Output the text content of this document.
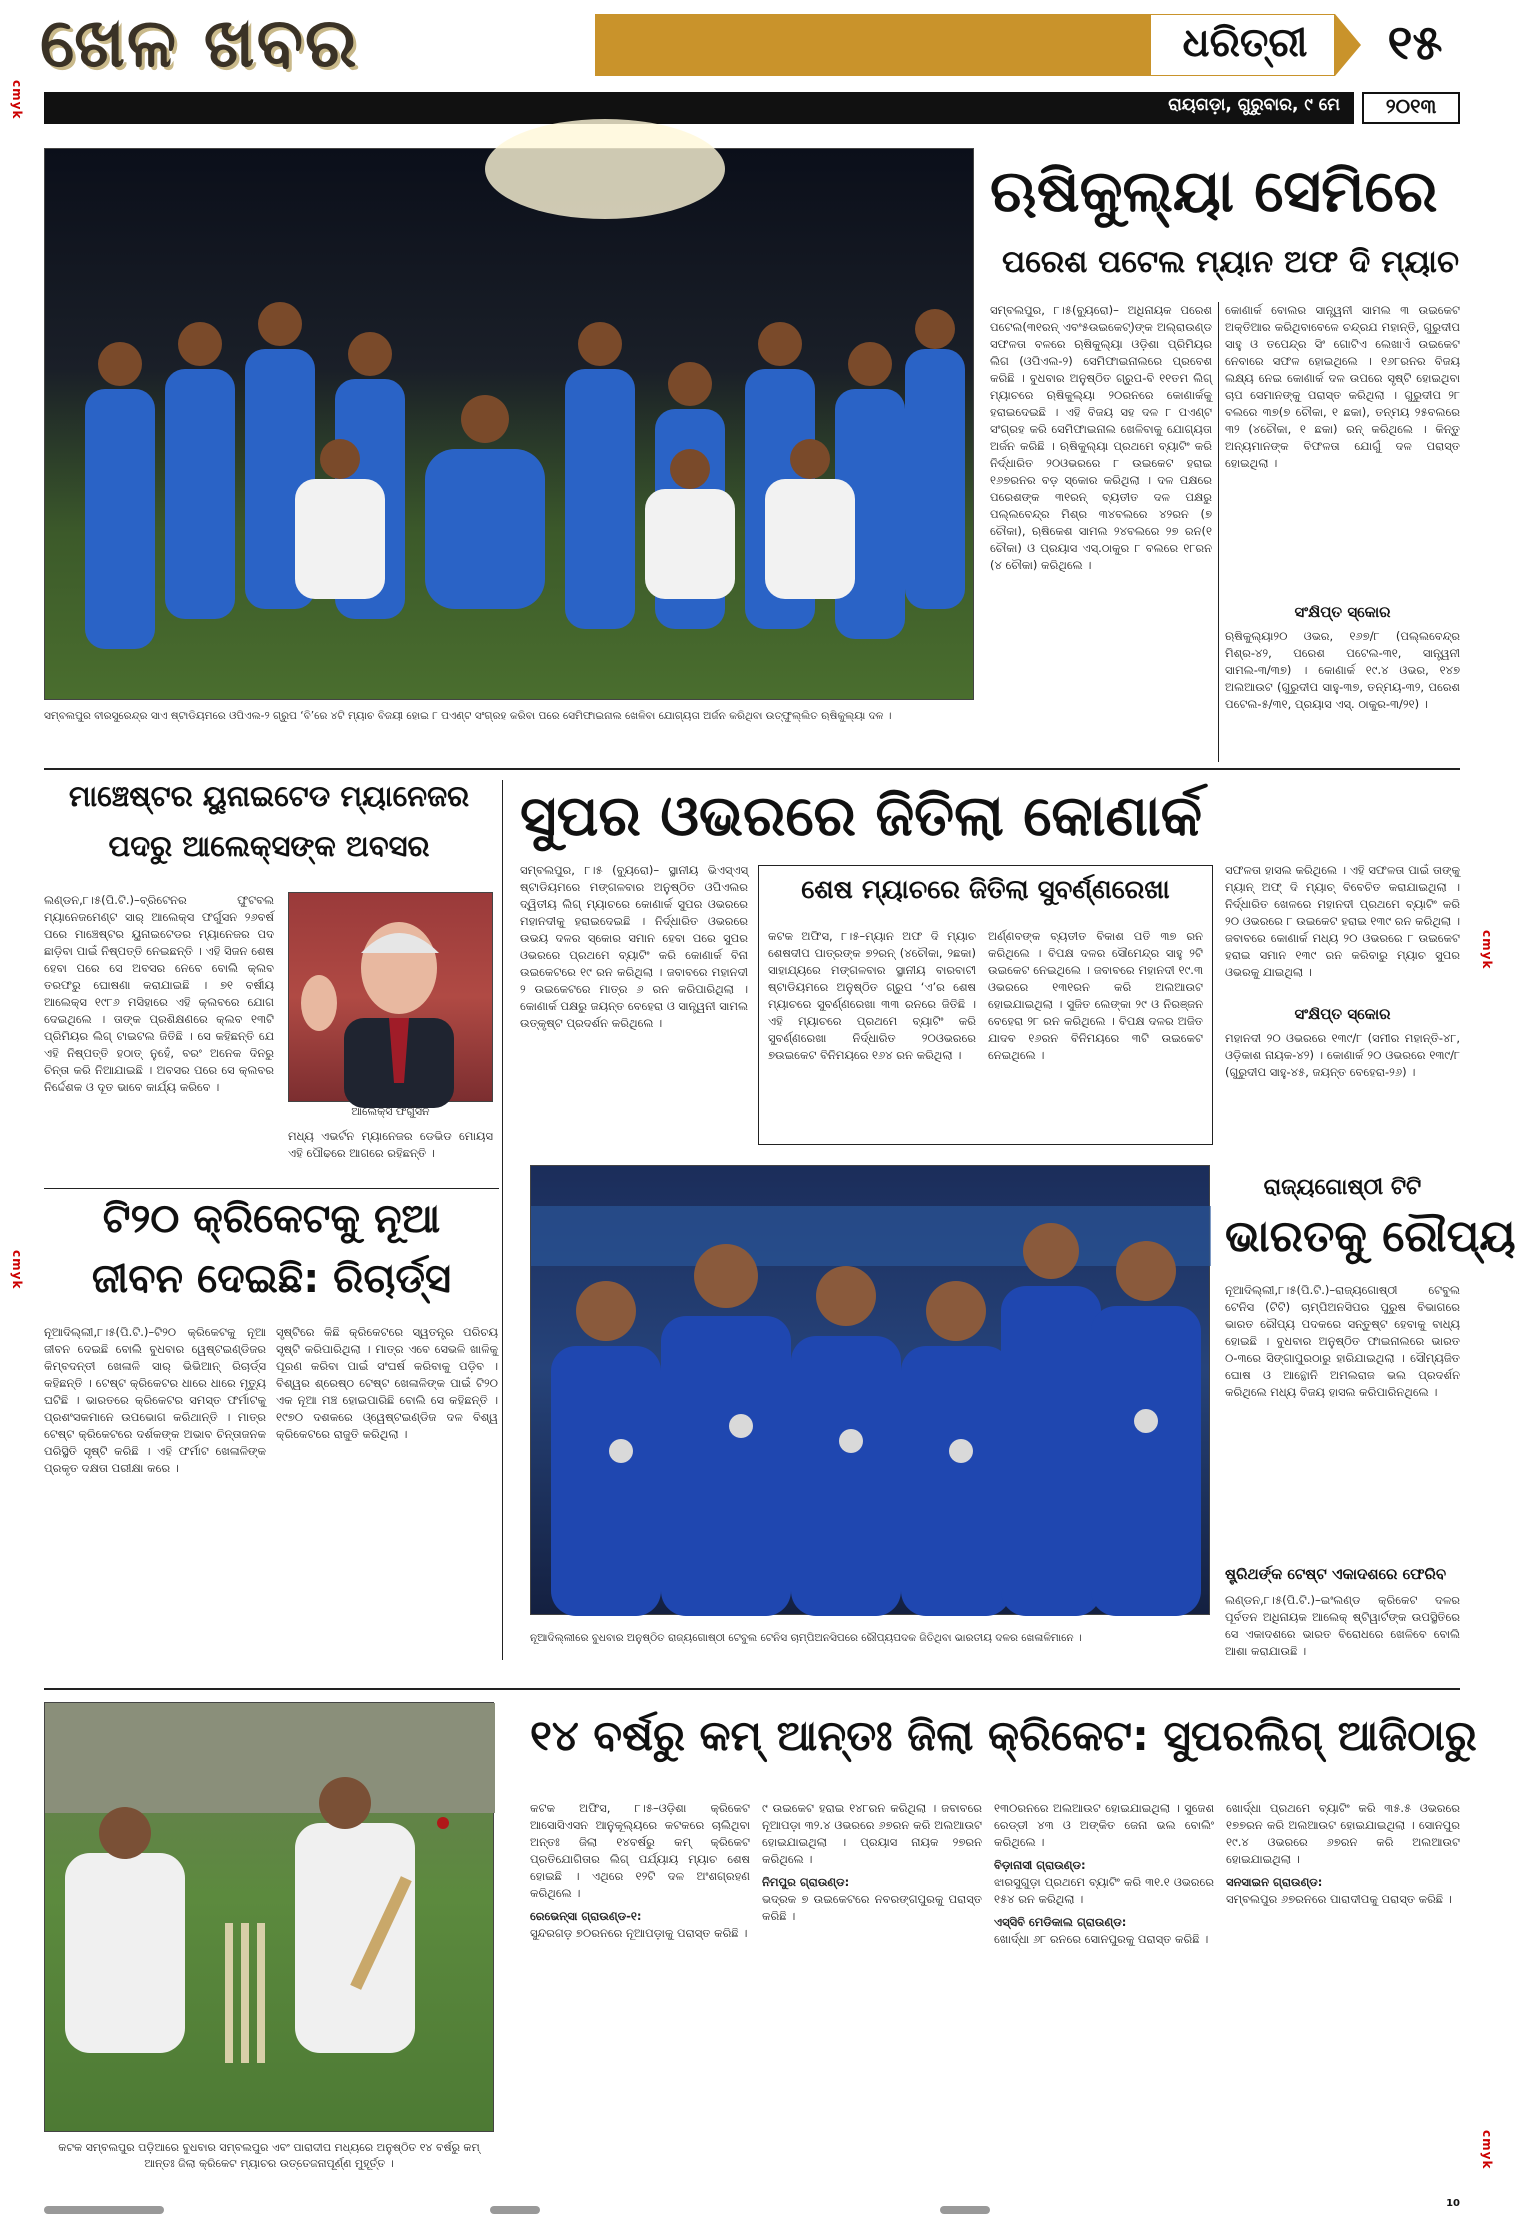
ଖେଳ ଖବର	ଧରିତ୍ରୀ	୧୫
ରାୟଗଡ଼ା, ଗୁରୁବାର, ୯ ମେ	୨୦୧୩
cmyk
cmyk
cmyk
cmyk
ସମ୍ବଲପୁର ବୀରସୁରେନ୍ଦ୍ର ସାଏ ଷ୍ଟାଡିୟମରେ ଓପିଏଲ-୨ ଗ୍ରୁପ ‘ବି’ରେ ୪ଟି ମ୍ୟାଚ ବିଜୟୀ ହୋଇ ୮ ପଏଣ୍ଟ ସଂଗ୍ରହ କରିବା ପରେ ସେମିଫାଇନାଲ ଖେଳିବା ଯୋଗ୍ୟତା ଅର୍ଜନ କରିଥିବା ଉତ୍ଫୁଲ୍ଲିତ ଋଷିକୁଲ୍ୟା ଦଳ ।
ଋଷିକୁଲ୍ୟା ସେମିରେ
ପରେଶ ପଟେଲ ମ୍ୟାନ ଅଫ ଦି ମ୍ୟାଚ
ସମ୍ବଲପୁର, ୮।୫(ବ୍ୟୁରୋ)– ଅଧିନାୟକ ପରେଶ ପଟେଲ(୩୧ରନ୍ ଏବଂ୫ଉଇକେଟ୍)ଙ୍କ ଅଲ୍‌ରାଉଣ୍ଡ ସଫଳତା ବଳରେ ଋଷିକୁଲ୍ୟା ଓଡ଼ିଶା ପ୍ରିମିୟର ଲିଗ (ଓପିଏଲ-୨) ସେମିଫାଇନାଲରେ ପ୍ରବେଶ କରିଛି । ବୁଧବାର ଅନୁଷ୍ଠିତ ଗ୍ରୁପ-ବି ୧୧ତମ ଲିଗ୍ ମ୍ୟାଚରେ ଋଷିକୁଲ୍ୟା ୨୦ରନରେ କୋଣାର୍କକୁ ହରାଇଦେଇଛି । ଏହି ବିଜୟ ସହ ଦଳ ୮ ପଏଣ୍ଟ ସଂଗ୍ରହ କରି ସେମିଫାଇନାଲ ଖେଳିବାକୁ ଯୋଗ୍ୟତା ଅର୍ଜନ କରିଛି । ଋଷିକୁଲ୍ୟା ପ୍ରଥମେ ବ୍ୟାଟିଂ କରି ନିର୍ଦ୍ଧାରିତ ୨୦ଓଭରରେ ୮ ଉଇକେଟ ହରାଇ ୧୬୭ରନର ବଡ଼ ସ୍କୋର କରିଥିଲା । ଦଳ ପକ୍ଷରେ ପରେଶଙ୍କ ୩୧ରନ୍ ବ୍ୟତୀତ ଦଳ ପକ୍ଷରୁ ପଲ୍ଲବେନ୍ଦ୍ର ମିଶ୍ର ୩୪ବଲରେ ୪୨ରନ (୭ ଚୌକା), ଋଷିକେଶ ସାମଲ ୨୪ବଲରେ ୨୭ ରନ(୧ ଚୌକା) ଓ ପ୍ରୟାସ ଏସ୍.ଠାକୁର ୮ ବଲରେ ୧୮ରନ (୪ ଚୌକା) କରିଥିଲେ ।
କୋଣାର୍କ ବୋଲର ସାନ୍ତ୍ୱନୀ ସାମଲ ୩ ଉଇକେଟ ଅକ୍ତିଆର କରିଥିବାବେଳେ ଚନ୍ଦ୍ରଯ ମହାନ୍ତି, ଗୁରୁଦୀପ ସାହୁ ଓ ତପେନ୍ଦ୍ର ସିଂ ଗୋଟିଏ ଲେଖାଏଁ ଉଇକେଟ ନେବାରେ ସଫଳ ହୋଇଥିଲେ । ୧୬୮ରନର ବିଜୟ ଲକ୍ଷ୍ୟ ନେଇ କୋଣାର୍କ ଦଳ ଉପରେ ସୃଷ୍ଟି ହୋଇଥିବା ଚାପ ସେମାନଙ୍କୁ ପରାସ୍ତ କରିଥିଲା । ଗୁରୁଦୀପ ୨୮ ବଲରେ ୩୭(୭ ଚୌକା, ୧ ଛକା), ତନ୍ମୟ ୨୫ବଲରେ ୩୨ (୪ଚୌକା, ୧ ଛକା) ରନ୍ କରିଥିଲେ । କିନ୍ତୁ ଅନ୍ୟମାନଙ୍କ ବିଫଳତା ଯୋଗୁଁ ଦଳ ପରାସ୍ତ ହୋଇଥିଲା ।
ସଂକ୍ଷିପ୍ତ ସ୍କୋର
ଋଷିକୁଲ୍ୟା୨୦ ଓଭର, ୧୬୭/୮ (ପଲ୍ଲବେନ୍ଦ୍ର ମିଶ୍ର-୪୨, ପରେଶ ପଟେଲ-୩୧, ସାନ୍ତ୍ୱନୀ ସାମଲ-୩/୩୭) । କୋଣାର୍କ ୧୯.୪ ଓଭର, ୧୪୭ ଅଲଆଉଟ (ଗୁରୁଦୀପ ସାହୁ-୩୭, ତନ୍ମୟ-୩୨, ପରେଶ ପଟେଲ-୫/୩୧, ପ୍ରୟାସ ଏସ୍. ଠାକୁର-୩/୨୧) ।
ମାଞ୍ଚେଷ୍ଟର ୟୁନାଇଟେଡ ମ୍ୟାନେଜର
ପଦରୁ ଆଲେକ୍ସଙ୍କ ଅବସର
ଲଣ୍ଡନ,୮।୫(ପି.ଟି.)–ବ୍ରିଟେନର ଫୁଟବଲ ମ୍ୟାନେଜମେଣ୍ଟ ସାର୍ ଆଲେକ୍ସ ଫର୍ଗୁସନ ୨୬ବର୍ଷ ପରେ ମାଞ୍ଚେଷ୍ଟର ୟୁନାଇଟେଡର ମ୍ୟାନେଜର ପଦ ଛାଡ଼ିବା ପାଇଁ ନିଷ୍ପତ୍ତି ନେଇଛନ୍ତି । ଏହି ସିଜନ ଶେଷ ହେବା ପରେ ସେ ଅବସର ନେବେ ବୋଲି କ୍ଲବ ତରଫରୁ ଘୋଷଣା କରାଯାଇଛି । ୭୧ ବର୍ଷୀୟ ଆଲେକ୍ସ ୧୯୮୬ ମସିହାରେ ଏହି କ୍ଲବରେ ଯୋଗ ଦେଇଥିଲେ । ତାଙ୍କ ପ୍ରଶିକ୍ଷଣରେ କ୍ଲବ ୧୩ଟି ପ୍ରିମିୟର ଲିଗ୍ ଟାଇଟଲ ଜିତିଛି । ସେ କହିଛନ୍ତି ଯେ ଏହି ନିଷ୍ପତ୍ତି ହଠାତ୍ ନୁହେଁ, ବରଂ ଅନେକ ଦିନରୁ ଚିନ୍ତା କରି ନିଆଯାଇଛି । ଅବସର ପରେ ସେ କ୍ଲବର ନିର୍ଦ୍ଦେଶକ ଓ ଦୂତ ଭାବେ କାର୍ଯ୍ୟ କରିବେ ।
ଆଲେକ୍ସ ଫର୍ଗୁସନ
ମଧ୍ୟ ଏଭର୍ଟନ ମ୍ୟାନେଜର ଡେଭିଡ ମୋୟସ ଏହି ପୌଢରେ ଆଗରେ ରହିଛନ୍ତି ।
ସୁପର ଓଭରରେ ଜିତିଲା କୋଣାର୍କ
ସମ୍ବଲପୁର, ୮।୫ (ବ୍ୟୁରୋ)– ସ୍ଥାନୀୟ ଭିଏସ୍‌ଏସ୍ ଷ୍ଟାଡିୟମରେ ମଙ୍ଗଳବାର ଅନୁଷ୍ଠିତ ଓପିଏଲର ଦ୍ୱିତୀୟ ଲିଗ୍ ମ୍ୟାଚରେ କୋଣାର୍କ ସୁପର ଓଭରରେ ମହାନଦୀକୁ ହରାଇଦେଇଛି । ନିର୍ଦ୍ଧାରିତ ଓଭରରେ ଉଭୟ ଦଳର ସ୍କୋର ସମାନ ହେବା ପରେ ସୁପର ଓଭରରେ ପ୍ରଥମେ ବ୍ୟାଟିଂ କରି କୋଣାର୍କ ବିନା ଉଇକେଟରେ ୧୯ ରନ କରିଥିଲା । ଜବାବରେ ମହାନଦୀ ୨ ଉଇକେଟରେ ମାତ୍ର ୬ ରନ କରିପାରିଥିଲା । କୋଣାର୍କ ପକ୍ଷରୁ ଜୟନ୍ତ ବେହେରା ଓ ସାନ୍ତ୍ୱନୀ ସାମଲ ଉତ୍କୃଷ୍ଟ ପ୍ରଦର୍ଶନ କରିଥିଲେ ।
ଶେଷ ମ୍ୟାଚରେ ଜିତିଲା ସୁବର୍ଣ୍ଣରେଖା
କଟକ ଅଫିସ, ୮।୫–ମ୍ୟାନ ଅଫ ଦି ମ୍ୟାଚ ଶେଷଦୀପ ପାତ୍ରଙ୍କ ୭୨ରନ୍ (୪ଚୌକା, ୨ଛକା) ସାହାଯ୍ୟରେ ମଙ୍ଗଳବାର ସ୍ଥାନୀୟ ବାରବାଟୀ ଷ୍ଟାଡିୟମରେ ଅନୁଷ୍ଠିତ ଗ୍ରୁପ ‘ଏ’ର ଶେଷ ମ୍ୟାଚରେ ସୁବର୍ଣ୍ଣରେଖା ୩୩ ରନରେ ଜିତିଛି । ଏହି ମ୍ୟାଚରେ ପ୍ରଥମେ ବ୍ୟାଟିଂ କରି ସୁବର୍ଣ୍ଣରେଖା ନିର୍ଦ୍ଧାରିତ ୨୦ଓଭରରେ ୭ଉଇକେଟ ବିନିମୟରେ ୧୬୪ ରନ କରିଥିଲା ।
ଅର୍ଣ୍ଣବଙ୍କ ବ୍ୟତୀତ ବିକାଶ ପତି ୩୭ ରନ କରିଥିଲେ । ବିପକ୍ଷ ଦଳର ସୌମେନ୍ଦ୍ର ସାହୁ ୨ଟି ଉଇକେଟ ନେଇଥିଲେ । ଜବାବରେ ମହାନଦୀ ୧୯.୩ ଓଭରରେ ୧୩୧ରନ କରି ଅଲଆଉଟ ହୋଇଯାଇଥିଲା । ସୁଜିତ ଲେଙ୍କା ୨୯ ଓ ନିରଞ୍ଜନ ବେହେରା ୨୮ ରନ କରିଥିଲେ । ବିପକ୍ଷ ଦଳର ଅଜିତ ଯାଦବ ୧୬ରନ ବିନିମୟରେ ୩ଟି ଉଇକେଟ ନେଇଥିଲେ ।
ସଫଳତା ହାସଲ କରିଥିଲେ । ଏହି ସଫଳତା ପାଇଁ ତାଙ୍କୁ ମ୍ୟାନ୍ ଅଫ୍ ଦି ମ୍ୟାଚ୍ ବିବେଚିତ କରାଯାଇଥିଲା । ନିର୍ଦ୍ଧାରିତ ଖେଳରେ ମହାନଦୀ ପ୍ରଥମେ ବ୍ୟାଟିଂ କରି ୨୦ ଓଭରରେ ୮ ଉଇକେଟ ହରାଇ ୧୩୯ ରନ କରିଥିଲା । ଜବାବରେ କୋଣାର୍କ ମଧ୍ୟ ୨୦ ଓଭରରେ ୮ ଉଇକେଟ ହରାଇ ସମାନ ୧୩୯ ରନ କରିବାରୁ ମ୍ୟାଚ ସୁପର ଓଭରକୁ ଯାଇଥିଲା ।
ସଂକ୍ଷିପ୍ତ ସ୍କୋର
ମହାନଦୀ ୨୦ ଓଭରରେ ୧୩୯/୮ (ସମୀର ମହାନ୍ତି-୪୮, ଓଡ଼ିକାଶ ନାୟକ-୪୨) । କୋଣାର୍କ ୨୦ ଓଭରରେ ୧୩୯/୮ (ଗୁରୁଦୀପ ସାହୁ-୪୫, ଜୟନ୍ତ ବେହେରା-୨୬) ।
ଟି୨୦ କ୍ରିକେଟକୁ ନୂଆ
ଜୀବନ ଦେଇଛି: ରିଚାର୍ଡ୍ସ
ନୂଆଦିଲ୍ଲୀ,୮।୫(ପି.ଟି.)–ଟି୨୦ କ୍ରିକେଟକୁ ନୂଆ ଜୀବନ ଦେଇଛି ବୋଲି ବୁଧବାର ୱେଷ୍ଟଇଣ୍ଡିଜର କିମ୍ବଦନ୍ତୀ ଖେଳାଳି ସାର୍ ଭିଭିଆନ୍ ରିଚାର୍ଡ୍ସ କହିଛନ୍ତି । ଟେଷ୍ଟ କ୍ରିକେଟର ଧାରେ ଧାରେ ମୃତ୍ୟୁ ଘଟିଛି । ଭାରତରେ କ୍ରିକେଟର ସମସ୍ତ ଫର୍ମାଟକୁ ପ୍ରଶଂସକମାନେ ଉପଭୋଗ କରିଥାନ୍ତି । ମାତ୍ର ଟେଷ୍ଟ କ୍ରିକେଟରେ ଦର୍ଶକଙ୍କ ଅଭାବ ଚିନ୍ତାଜନକ ପରିସ୍ଥିତି ସୃଷ୍ଟି କରିଛି । ଏହି ଫର୍ମାଟ ଖେଳାଳିଙ୍କ ପ୍ରକୃତ ଦକ୍ଷତା ପରୀକ୍ଷା କରେ ।
ସୃଷ୍ଟିରେ କିଛି କ୍ରିକେଟରେ ସ୍ୱତନ୍ତ୍ର ପରିଚୟ ସୃଷ୍ଟି କରିପାରିଥିଲା । ମାତ୍ର ଏବେ ସେଭଳି ଖାଳିକୁ ପୂରଣ କରିବା ପାଇଁ ସଂଘର୍ଷ କରିବାକୁ ପଡ଼ିବ । ବିଶ୍ୱର ଶ୍ରେଷ୍ଠ ଟେଷ୍ଟ ଖେଳାଳିଙ୍କ ପାଇଁ ଟି୨୦ ଏକ ନୂଆ ମଞ୍ଚ ହୋଇପାରିଛି ବୋଲି ସେ କହିଛନ୍ତି । ୧୯୭୦ ଦଶକରେ ଓ୍ୱେଷ୍ଟଇଣ୍ଡିଜ ଦଳ ବିଶ୍ୱ କ୍ରିକେଟରେ ରାଜୁତି କରିଥିଲା ।
ନୂଆଦିଲ୍ଲୀରେ ବୁଧବାର ଅନୁଷ୍ଠିତ ରାଜ୍ୟଗୋଷ୍ଠୀ ଟେବୁଲ ଟେନିସ ଚାମ୍ପିଅନସିପରେ ରୌପ୍ୟପଦକ ଜିତିଥିବା ଭାରତୀୟ ଦଳର ଖେଳାଳିମାନେ ।
ରାଜ୍ୟଗୋଷ୍ଠୀ ଟିଟି
ଭାରତକୁ ରୌପ୍ୟ
ନୂଆଦିଲ୍ଲୀ,୮।୫(ପି.ଟି.)–ରାଜ୍ୟଗୋଷ୍ଠୀ ଟେବୁଲ ଟେନିସ (ଟିଟି) ଚାମ୍ପିଅନସିପର ପୁରୁଷ ବିଭାଗରେ ଭାରତ ରୌପ୍ୟ ପଦକରେ ସନ୍ତୁଷ୍ଟ ହେବାକୁ ବାଧ୍ୟ ହୋଇଛି । ବୁଧବାର ଅନୁଷ୍ଠିତ ଫାଇନାଲରେ ଭାରତ ୦-୩ରେ ସିଙ୍ଗାପୁରଠାରୁ ହାରିଯାଇଥିଲା । ସୌମ୍ୟଜିତ ଘୋଷ ଓ ଆନ୍ଥୋନି ଅମଲରାଜ ଭଲ ପ୍ରଦର୍ଶନ କରିଥିଲେ ମଧ୍ୟ ବିଜୟ ହାସଲ କରିପାରିନଥିଲେ ।
ଷ୍ଟ୍ରିଥର୍ଙ୍କ ଟେଷ୍ଟ ଏକାଦଶରେ ଫେରିବ
ଲଣ୍ଡନ,୮।୫(ପି.ଟି.)–ଇଂଲଣ୍ଡ କ୍ରିକେଟ ଦଳର ପୂର୍ବତନ ଅଧିନାୟକ ଆଲେକ୍ ଷ୍ଟିୱାର୍ଟଙ୍କ ଉପସ୍ଥିତିରେ ସେ ଏକାଦଶରେ ଭାରତ ବିରୋଧରେ ଖେଳିବେ ବୋଲି ଆଶା କରାଯାଉଛି ।
କଟକ ସମ୍ବଲପୁର ପଡ଼ିଆରେ ବୁଧବାର ସମ୍ବଲପୁର ଏବଂ ପାରାଦୀପ ମଧ୍ୟରେ ଅନୁଷ୍ଠିତ ୧୪ ବର୍ଷରୁ କମ୍ ଆନ୍ତଃ ଜିଲା କ୍ରିକେଟ ମ୍ୟାଚର ଉତ୍ତେଜନାପୂର୍ଣ୍ଣ ମୁହୂର୍ତ୍ତ ।
୧୪ ବର୍ଷରୁ କମ୍ ଆନ୍ତଃ ଜିଲା କ୍ରିକେଟ: ସୁପରଲିଗ୍ ଆଜିଠାରୁ
କଟକ ଅଫିସ, ୮।୫–ଓଡ଼ିଶା କ୍ରିକେଟ ଆସୋସିଏସନ ଆନୁକୂଲ୍ୟରେ କଟକରେ ଚାଲିଥିବା ଅନ୍ତଃ ଜିଲା ୧୪ବର୍ଷରୁ କମ୍ କ୍ରିକେଟ ପ୍ରତିଯୋଗିତାର ଲିଗ୍ ପର୍ଯ୍ୟାୟ ମ୍ୟାଚ ଶେଷ ହୋଇଛି । ଏଥିରେ ୧୨ଟି ଦଳ ଅଂଶଗ୍ରହଣ କରିଥିଲେ ।
ରେଭେନ୍ସା ଗ୍ରାଉଣ୍ଡ-୧:
ସୁନ୍ଦରଗଡ଼ ୭୦ରନରେ ନୂଆପଡ଼ାକୁ ପରାସ୍ତ କରିଛି ।
୯ ଉଇକେଟ ହରାଇ ୧୪୮ରନ କରିଥିଲା । ଜବାବରେ ନୂଆପଡ଼ା ୩୨.୪ ଓଭରରେ ୬୭ରନ କରି ଅଲଆଉଟ ହୋଇଯାଇଥିଲା । ପ୍ରୟାସ ନାୟକ ୨୭ରନ କରିଥିଲେ ।
ନିମପୁର ଗ୍ରାଉଣ୍ଡ:
ଭଦ୍ରକ ୭ ଉଇକେଟରେ ନବରଙ୍ଗପୁରକୁ ପରାସ୍ତ କରିଛି ।
୧୩୦ରନରେ ଅଲଆଉଟ ହୋଇଯାଇଥିଲା । ସୁଜେଶ ରେଡ୍ଡୀ ୪୩ ଓ ଅଙ୍କିତ ଜେନା ଭଲ ବୋଲିଂ କରିଥିଲେ ।
ବିଡ଼ାନାସୀ ଗ୍ରାଉଣ୍ଡ:
ଝାରସୁଗୁଡ଼ା ପ୍ରଥମେ ବ୍ୟାଟିଂ କରି ୩୧.୧ ଓଭରରେ ୧୫୪ ରନ କରିଥିଲା ।
ଏସ୍‌ସିବି ମେଡିକାଲ ଗ୍ରାଉଣ୍ଡ:
ଖୋର୍ଦ୍ଧା ୬୮ ରନରେ ସୋନପୁରକୁ ପରାସ୍ତ କରିଛି ।
ଖୋର୍ଦ୍ଧା ପ୍ରଥମେ ବ୍ୟାଟିଂ କରି ୩୫.୫ ଓଭରରେ ୧୭୭ରନ କରି ଅଲଆଉଟ ହୋଇଯାଇଥିଲା । ସୋନପୁର ୧୯.୪ ଓଭରରେ ୬୭ରନ କରି ଅଲଆଉଟ ହୋଇଯାଇଥିଲା ।
ସନସାଇନ ଗ୍ରାଉଣ୍ଡ:
ସମ୍ବଲପୁର ୬୭ରନରେ ପାରାଦୀପକୁ ପରାସ୍ତ କରିଛି ।
10
